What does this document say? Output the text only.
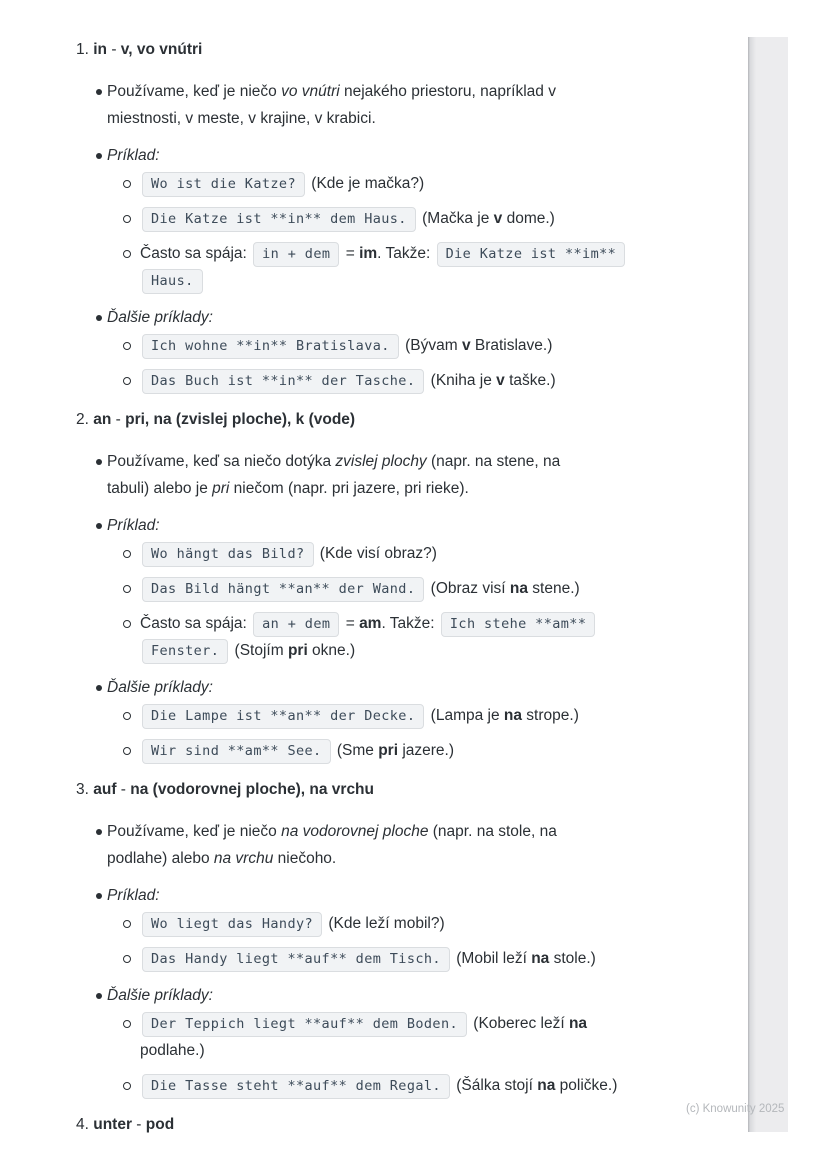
1. in - v, vo vnútri
Používame, keď je niečo vo vnútri nejakého priestoru, napríklad v
miestnosti, v meste, v krajine, v krabici.
Príklad:
Wo ist die Katze? (Kde je mačka?)
Die Katze ist **in** dem Haus. (Mačka je v dome.)
Často sa spája: in + dem = im. Takže: Die Katze ist **im**
Haus.
Ďalšie príklady:
Ich wohne **in** Bratislava. (Bývam v Bratislave.)
Das Buch ist **in** der Tasche. (Kniha je v taške.)
2. an - pri, na (zvislej ploche), k (vode)
Používame, keď sa niečo dotýka zvislej plochy (napr. na stene, na
tabuli) alebo je pri niečom (napr. pri jazere, pri rieke).
Príklad:
Wo hängt das Bild? (Kde visí obraz?)
Das Bild hängt **an** der Wand. (Obraz visí na stene.)
Často sa spája: an + dem = am. Takže: Ich stehe **am**
Fenster. (Stojím pri okne.)
Ďalšie príklady:
Die Lampe ist **an** der Decke. (Lampa je na strope.)
Wir sind **am** See. (Sme pri jazere.)
3. auf - na (vodorovnej ploche), na vrchu
Používame, keď je niečo na vodorovnej ploche (napr. na stole, na
podlahe) alebo na vrchu niečoho.
Príklad:
Wo liegt das Handy? (Kde leží mobil?)
Das Handy liegt **auf** dem Tisch. (Mobil leží na stole.)
Ďalšie príklady:
Der Teppich liegt **auf** dem Boden. (Koberec leží na
podlahe.)
Die Tasse steht **auf** dem Regal. (Šálka stojí na poličke.)
4. unter - pod
(c) Knowunity 2025
